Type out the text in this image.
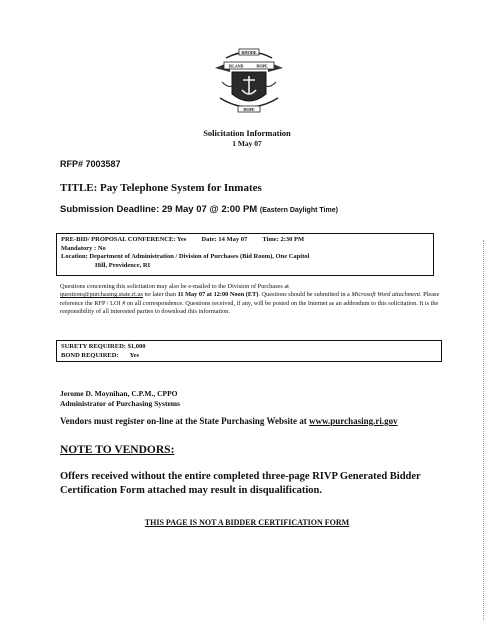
RHODE
ISLAND	HOPE
HOPE
Solicitation Information
1 May 07
RFP# 7003587
TITLE: Pay Telephone System for Inmates
Submission Deadline: 29 May 07 @ 2:00 PM (Eastern Daylight Time)
PRE-BID/ PROPOSAL CONFERENCE: Yes Date: 14 May 07 Time: 2:30 PM
Mandatory : No
Location: Department of Administration / Division of Purchases (Bid Room), One Capitol
Hill, Providence, RI
Questions concerning this solicitation may also be e-mailed to the Division of Purchases at
questions@purchasing.state.ri.us no later than 11 May 07 at 12:00 Noon (ET). Questions should be submitted in a Microsoft Word attachment. Please reference the RFP / LOI # on all correspondence. Questions received, if any, will be posted on the Internet as an addendum to this solicitation. It is the responsibility of all interested parties to download this information.
SURETY REQUIRED: $1,000
BOND REQUIRED: Yes
Jerome D. Moynihan, C.P.M., CPPO
Administrator of Purchasing Systems
Vendors must register on-line at the State Purchasing Website at www.purchasing.ri.gov
NOTE TO VENDORS:
Offers received without the entire completed three-page RIVP Generated Bidder Certification Form attached may result in disqualification.
THIS PAGE IS NOT A BIDDER CERTIFICATION FORM
